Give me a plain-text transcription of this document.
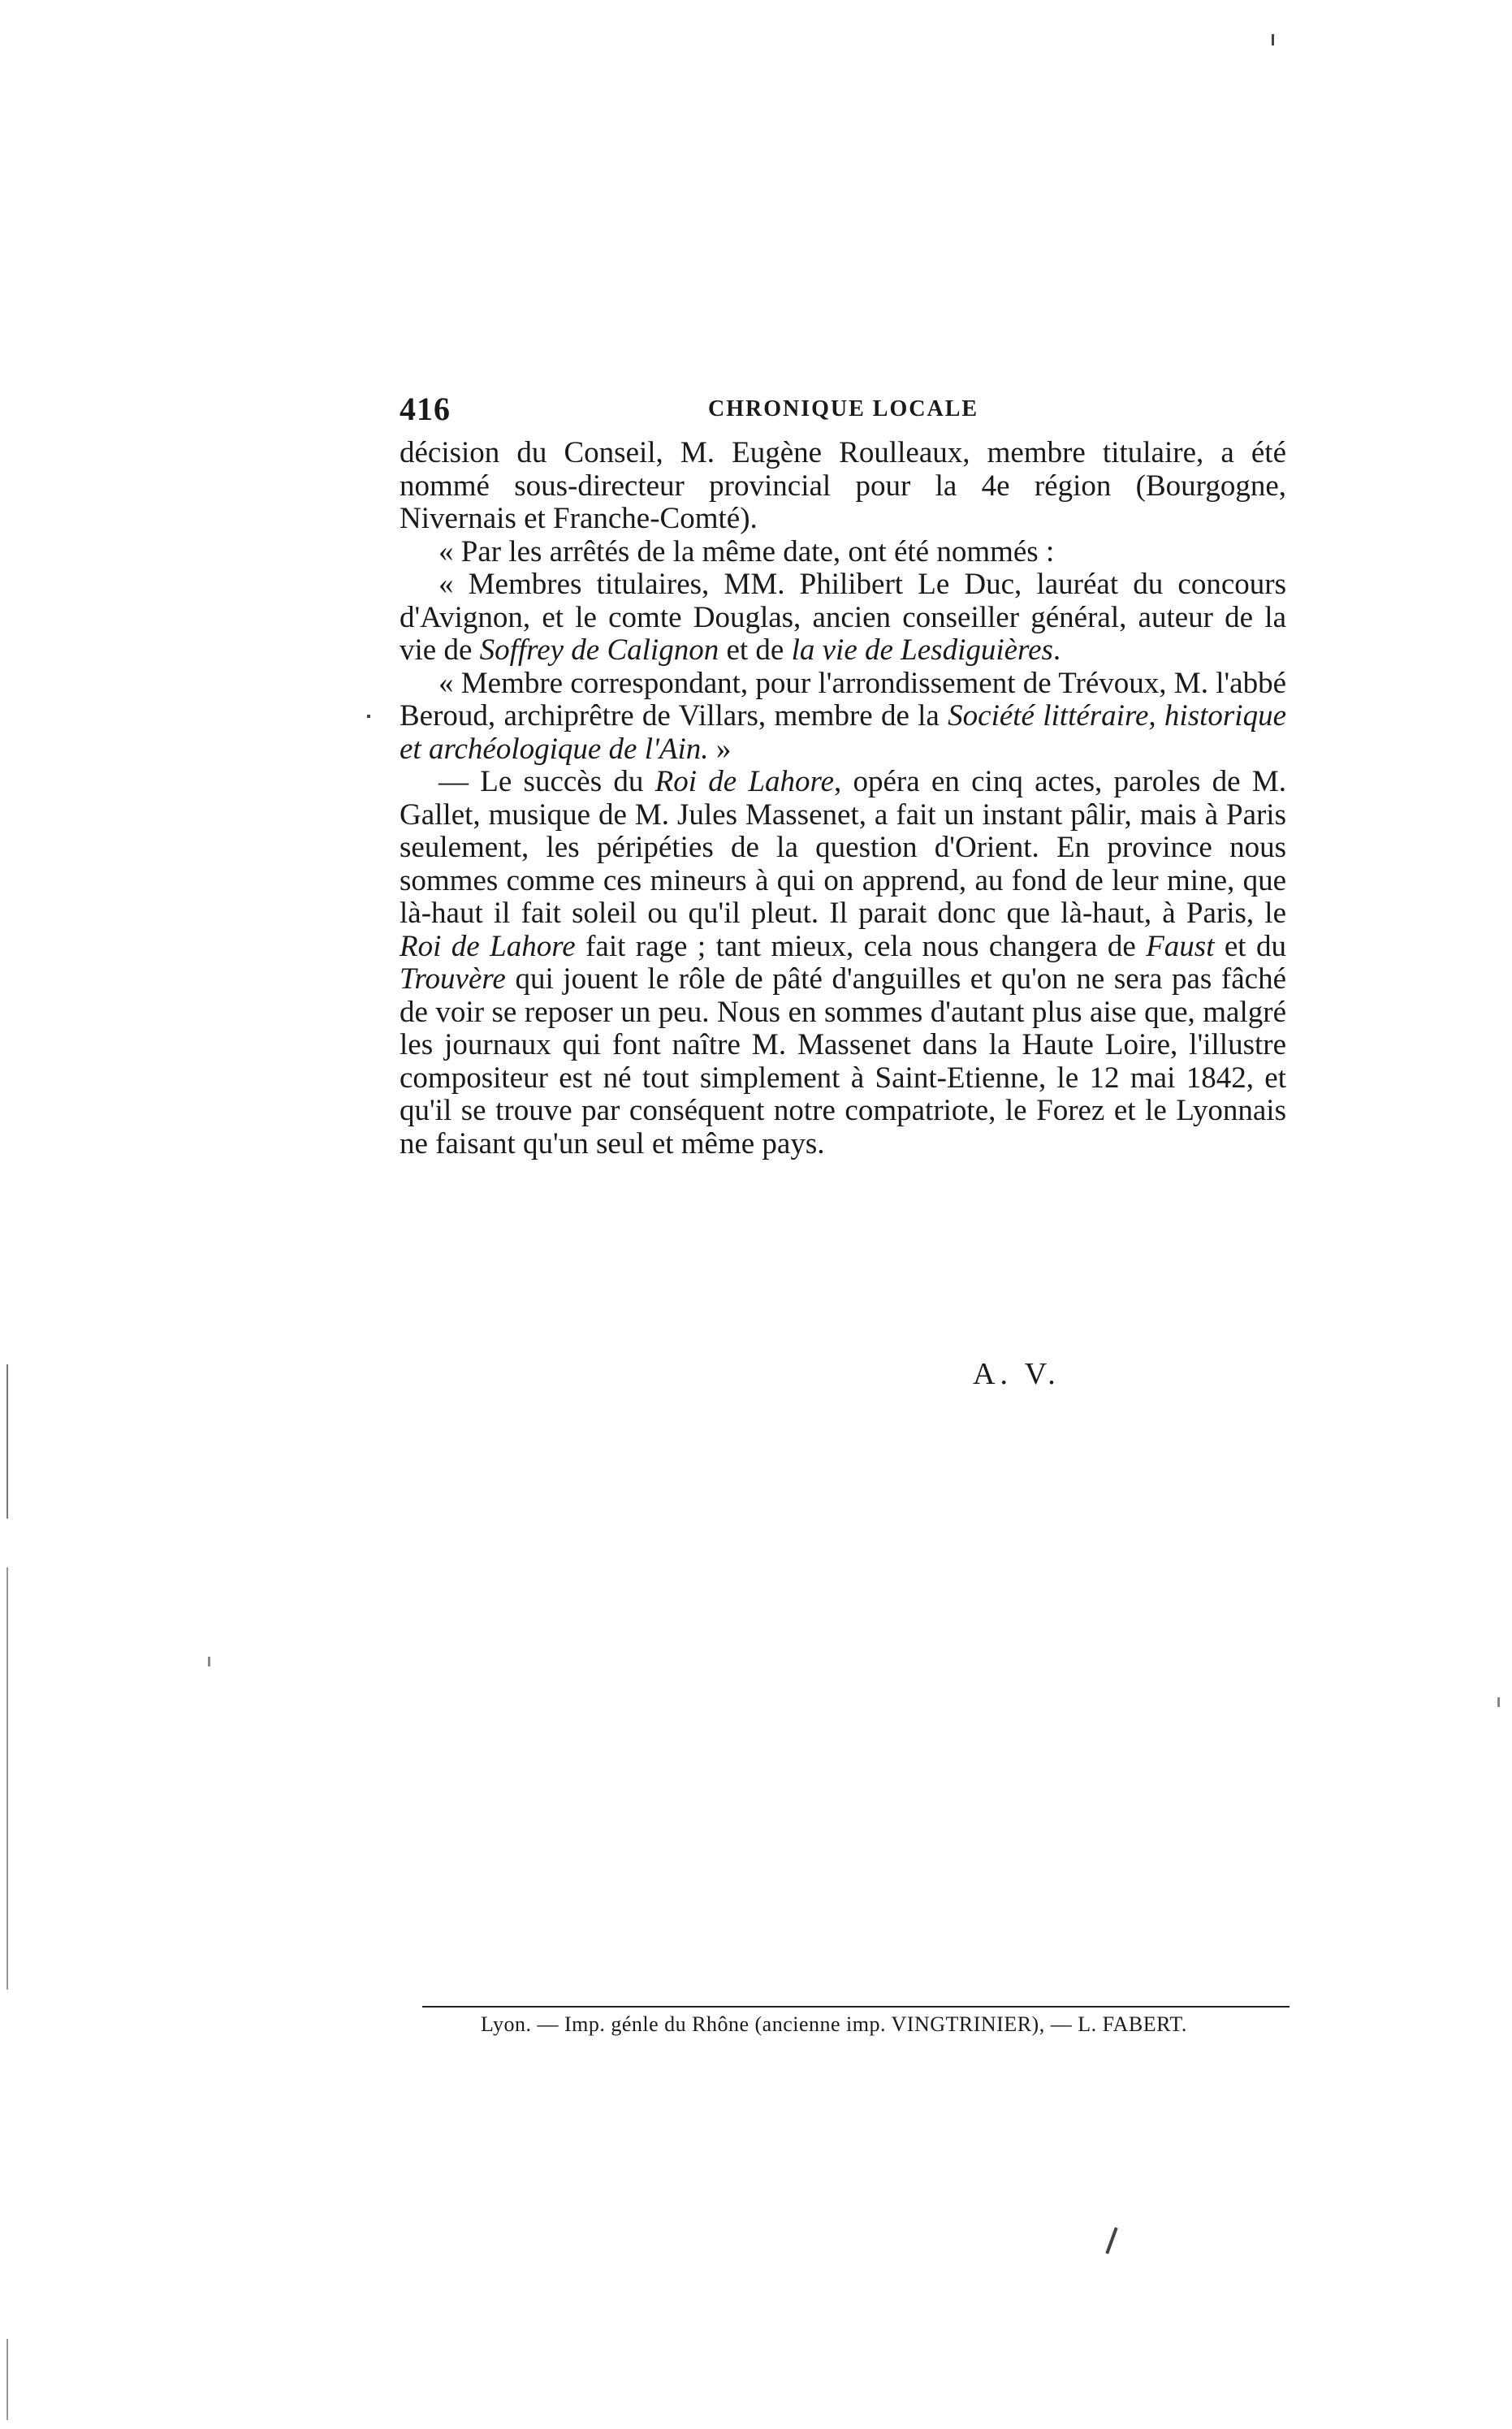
416	CHRONIQUE LOCALE

décision du Conseil, M. Eugène Roulleaux, membre titulaire, a été nommé sous-directeur provincial pour la 4e région (Bourgogne, Nivernais et Franche-Comté).

« Par les arrêtés de la même date, ont été nommés :

« Membres titulaires, MM. Philibert Le Duc, lauréat du concours d'Avignon, et le comte Douglas, ancien conseiller général, auteur de la vie de Soffrey de Calignon et de la vie de Lesdiguières.

« Membre correspondant, pour l'arrondissement de Trévoux, M. l'abbé Beroud, archiprêtre de Villars, membre de la Société littéraire, historique et archéologique de l'Ain. »

— Le succès du Roi de Lahore, opéra en cinq actes, paroles de M. Gallet, musique de M. Jules Massenet, a fait un instant pâlir, mais à Paris seulement, les péripéties de la question d'Orient. En province nous sommes comme ces mineurs à qui on apprend, au fond de leur mine, que là-haut il fait soleil ou qu'il pleut. Il parait donc que là-haut, à Paris, le Roi de Lahore fait rage ; tant mieux, cela nous changera de Faust et du Trouvère qui jouent le rôle de pâté d'anguilles et qu'on ne sera pas fâché de voir se reposer un peu. Nous en sommes d'autant plus aise que, malgré les journaux qui font naître M. Massenet dans la Haute Loire, l'illustre compositeur est né tout simplement à Saint-Etienne, le 12 mai 1842, et qu'il se trouve par conséquent notre compatriote, le Forez et le Lyonnais ne faisant qu'un seul et même pays.

A. V.
Lyon. — Imp. génle du Rhône (ancienne imp. VINGTRINIER), — L. FABERT.
